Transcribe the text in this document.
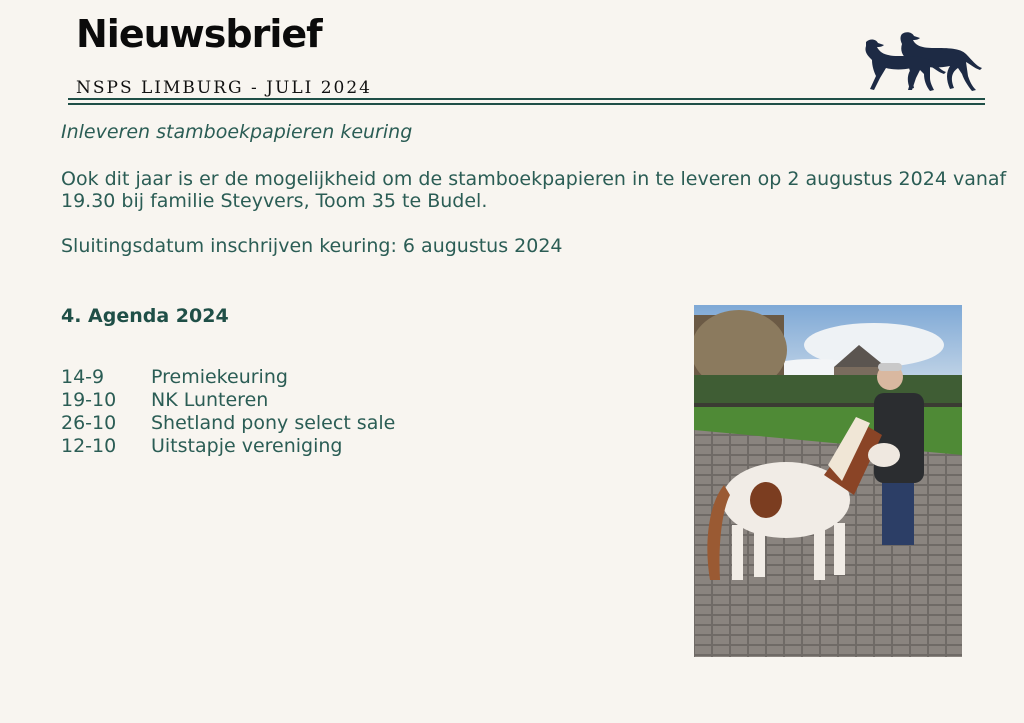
Nieuwsbrief
NSPS LIMBURG - JULI 2024
Inleveren stamboekpapieren keuring
Ook dit jaar is er de mogelijkheid om de stamboekpapieren in te leveren op 2 augustus 2024 vanaf 19.30 bij familie Steyvers, Toom 35 te Budel.
Sluitingsdatum inschrijven keuring: 6 augustus 2024
4. Agenda 2024
14-9	Premiekeuring
19-10	NK Lunteren
26-10	Shetland pony select sale
12-10	Uitstapje vereniging
